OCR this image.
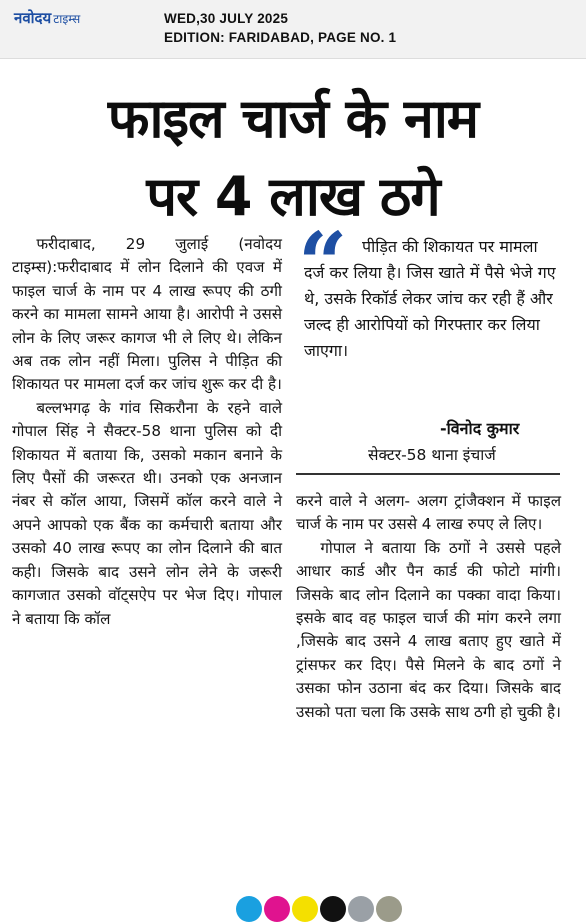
नवोदय टाइम्स	WED,30 JULY 2025
EDITION: FARIDABAD, PAGE NO. 1
फाइल चार्ज के नाम
पर 4 लाख ठगे

फरीदाबाद, 29 जुलाई (नवोदय टाइम्स):फरीदाबाद में लोन दिलाने की एवज में फाइल चार्ज के नाम पर 4 लाख रूपए की ठगी करने का मामला सामने आया है। आरोपी ने उससे लोन के लिए जरूर कागज भी ले लिए थे। लेकिन अब तक लोन नहीं मिला। पुलिस ने पीड़ित की शिकायत पर मामला दर्ज कर जांच शुरू कर दी है।

बल्लभगढ़ के गांव सिकरौना के रहने वाले गोपाल सिंह ने सैक्टर-58 थाना पुलिस को दी शिकायत में बताया कि, उसको मकान बनाने के लिए पैसों की जरूरत थी। उनको एक अनजान नंबर से कॉल आया, जिसमें कॉल करने वाले ने अपने आपको एक बैंक का कर्मचारी बताया और उसको 40 लाख रूपए का लोन दिलाने की बात कही। जिसके बाद उसने लोन लेने के जरूरी कागजात उसको वॉट्सऐप पर भेज दिए। गोपाल ने बताया कि कॉल

“ पीड़ित की शिकायत पर मामला दर्ज कर लिया है। जिस खाते में पैसे भेजे गए थे, उसके रिकॉर्ड लेकर जांच कर रही हैं और जल्द ही आरोपियों को गिरफ्तार कर लिया जाएगा।
-विनोद कुमार
सेक्टर-58 थाना इंचार्ज

करने वाले ने अलग- अलग ट्रांजैक्शन में फाइल चार्ज के नाम पर उससे 4 लाख रुपए ले लिए।

गोपाल ने बताया कि ठगों ने उससे पहले आधार कार्ड और पैन कार्ड की फोटो मांगी। जिसके बाद लोन दिलाने का पक्का वादा किया। इसके बाद वह फाइल चार्ज की मांग करने लगा ,जिसके बाद उसने 4 लाख बताए हुए खाते में ट्रांसफर कर दिए। पैसे मिलने के बाद ठगों ने उसका फोन उठाना बंद कर दिया। जिसके बाद उसको पता चला कि उसके साथ ठगी हो चुकी है।
